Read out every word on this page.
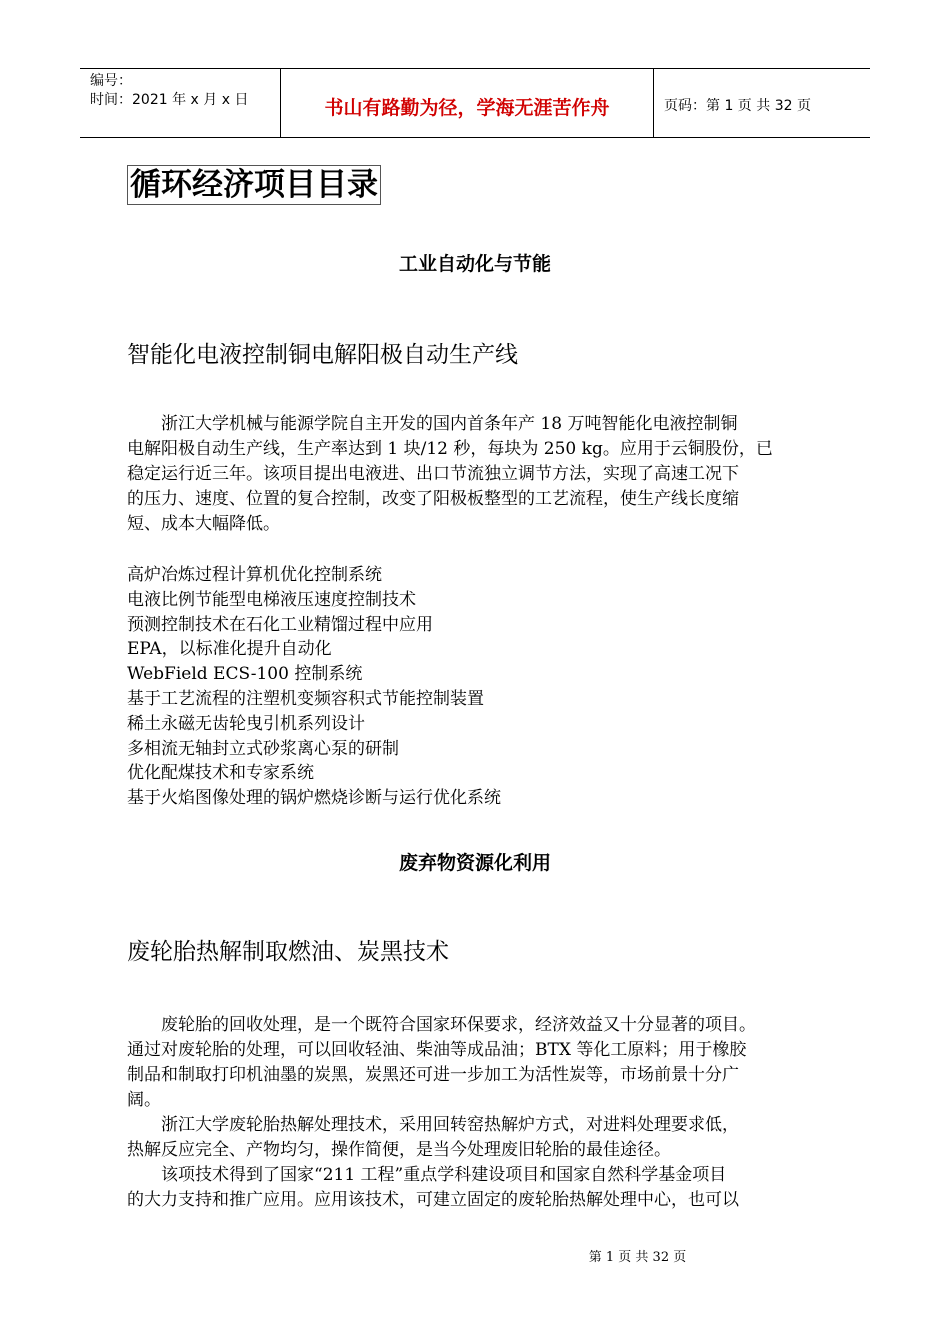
编号：
时间：2021 年 x 月 x 日	书山有路勤为径，学海无涯苦作舟	页码：第 1 页 共 32 页
循环经济项目目录
工业自动化与节能
智能化电液控制铜电解阳极自动生产线
　　浙江大学机械与能源学院自主开发的国内首条年产 18 万吨智能化电液控制铜
电解阳极自动生产线，生产率达到 1 块/12 秒，每块为 250 kg。应用于云铜股份，已
稳定运行近三年。该项目提出电液进、出口节流独立调节方法，实现了高速工况下
的压力、速度、位置的复合控制，改变了阳极板整型的工艺流程，使生产线长度缩
短、成本大幅降低。
高炉冶炼过程计算机优化控制系统
电液比例节能型电梯液压速度控制技术
预测控制技术在石化工业精馏过程中应用
EPA，以标准化提升自动化
WebField ECS-100 控制系统
基于工艺流程的注塑机变频容积式节能控制装置
稀土永磁无齿轮曳引机系列设计
多相流无轴封立式砂浆离心泵的研制
优化配煤技术和专家系统
基于火焰图像处理的锅炉燃烧诊断与运行优化系统
废弃物资源化利用
废轮胎热解制取燃油、炭黑技术
　　废轮胎的回收处理，是一个既符合国家环保要求，经济效益又十分显著的项目。
通过对废轮胎的处理，可以回收轻油、柴油等成品油；BTX 等化工原料；用于橡胶
制品和制取打印机油墨的炭黑，炭黑还可进一步加工为活性炭等，市场前景十分广
阔。
　　浙江大学废轮胎热解处理技术，采用回转窑热解炉方式，对进料处理要求低，
热解反应完全、产物均匀，操作简便，是当今处理废旧轮胎的最佳途径。
　　该项技术得到了国家“211 工程”重点学科建设项目和国家自然科学基金项目
的大力支持和推广应用。应用该技术，可建立固定的废轮胎热解处理中心，也可以
第 1 页 共 32 页
